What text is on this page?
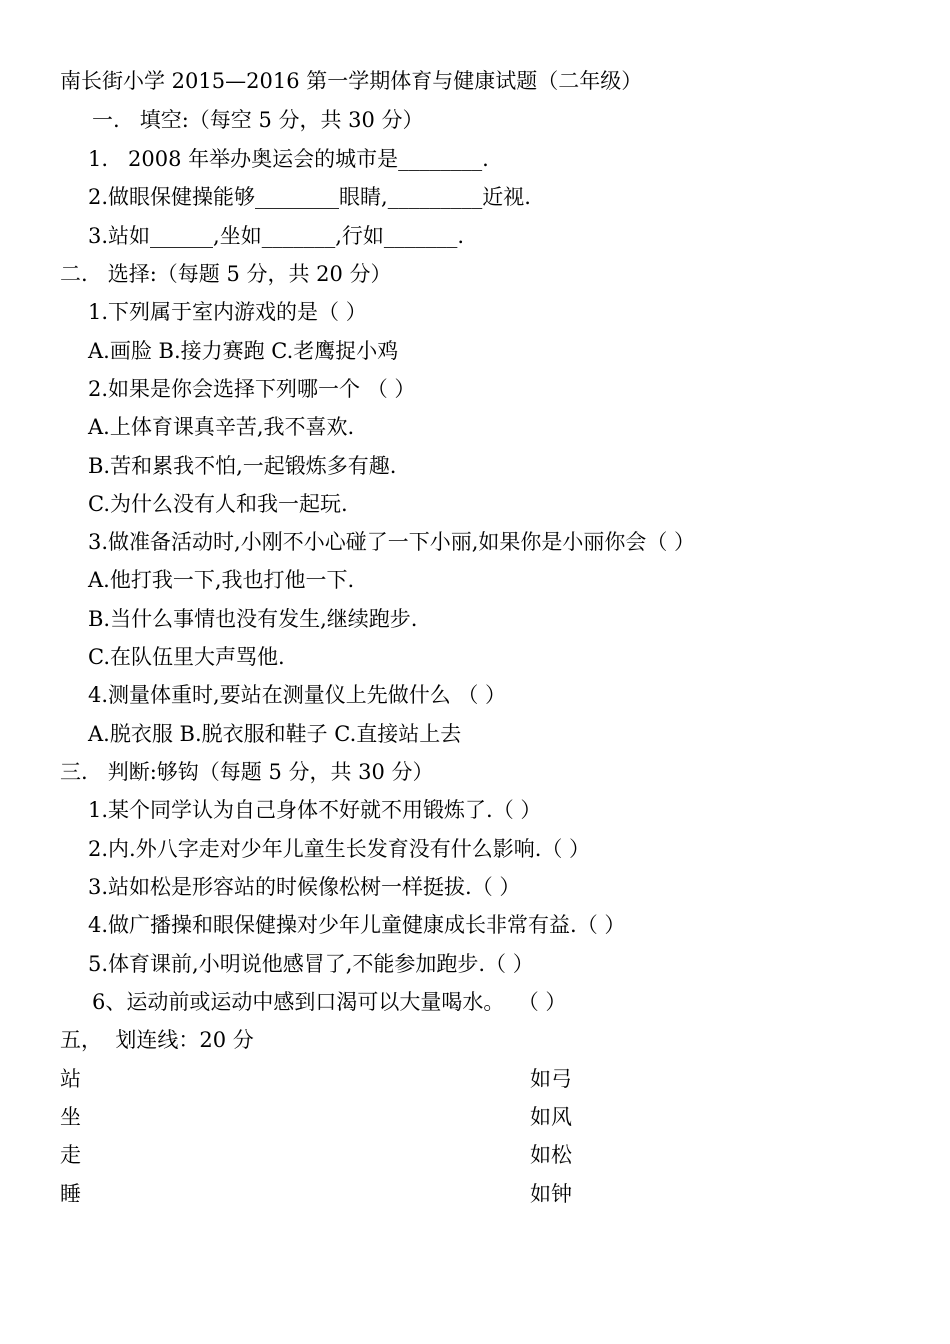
南长街小学 2015—2016 第一学期体育与健康试题（二年级）
一.   填空:（每空 5 分，共 30 分）
1.   2008 年举办奥运会的城市是________.
2.做眼保健操能够________眼睛,_________近视.
3.站如______,坐如_______,行如_______.
二.   选择:（每题 5 分，共 20 分）
1.下列属于室内游戏的是（ ）
A.画脸 B.接力赛跑 C.老鹰捉小鸡
2.如果是你会选择下列哪一个 （ ）
A.上体育课真辛苦,我不喜欢.
B.苦和累我不怕,一起锻炼多有趣.
C.为什么没有人和我一起玩.
3.做准备活动时,小刚不小心碰了一下小丽,如果你是小丽你会（ ）
A.他打我一下,我也打他一下.
B.当什么事情也没有发生,继续跑步.
C.在队伍里大声骂他.
4.测量体重时,要站在测量仪上先做什么 （ ）
A.脱衣服 B.脱衣服和鞋子 C.直接站上去
三.   判断:够钩（每题 5 分，共 30 分）
1.某个同学认为自己身体不好就不用锻炼了.（ ）
2.内.外八字走对少年儿童生长发育没有什么影响.（ ）
3.站如松是形容站的时候像松树一样挺拔.（ ）
4.做广播操和眼保健操对少年儿童健康成长非常有益.（ ）
5.体育课前,小明说他感冒了,不能参加跑步.（ ）
6、运动前或运动中感到口渴可以大量喝水。  （ ）
五，  划连线：20 分
站	如弓
坐	如风
走	如松
睡	如钟
